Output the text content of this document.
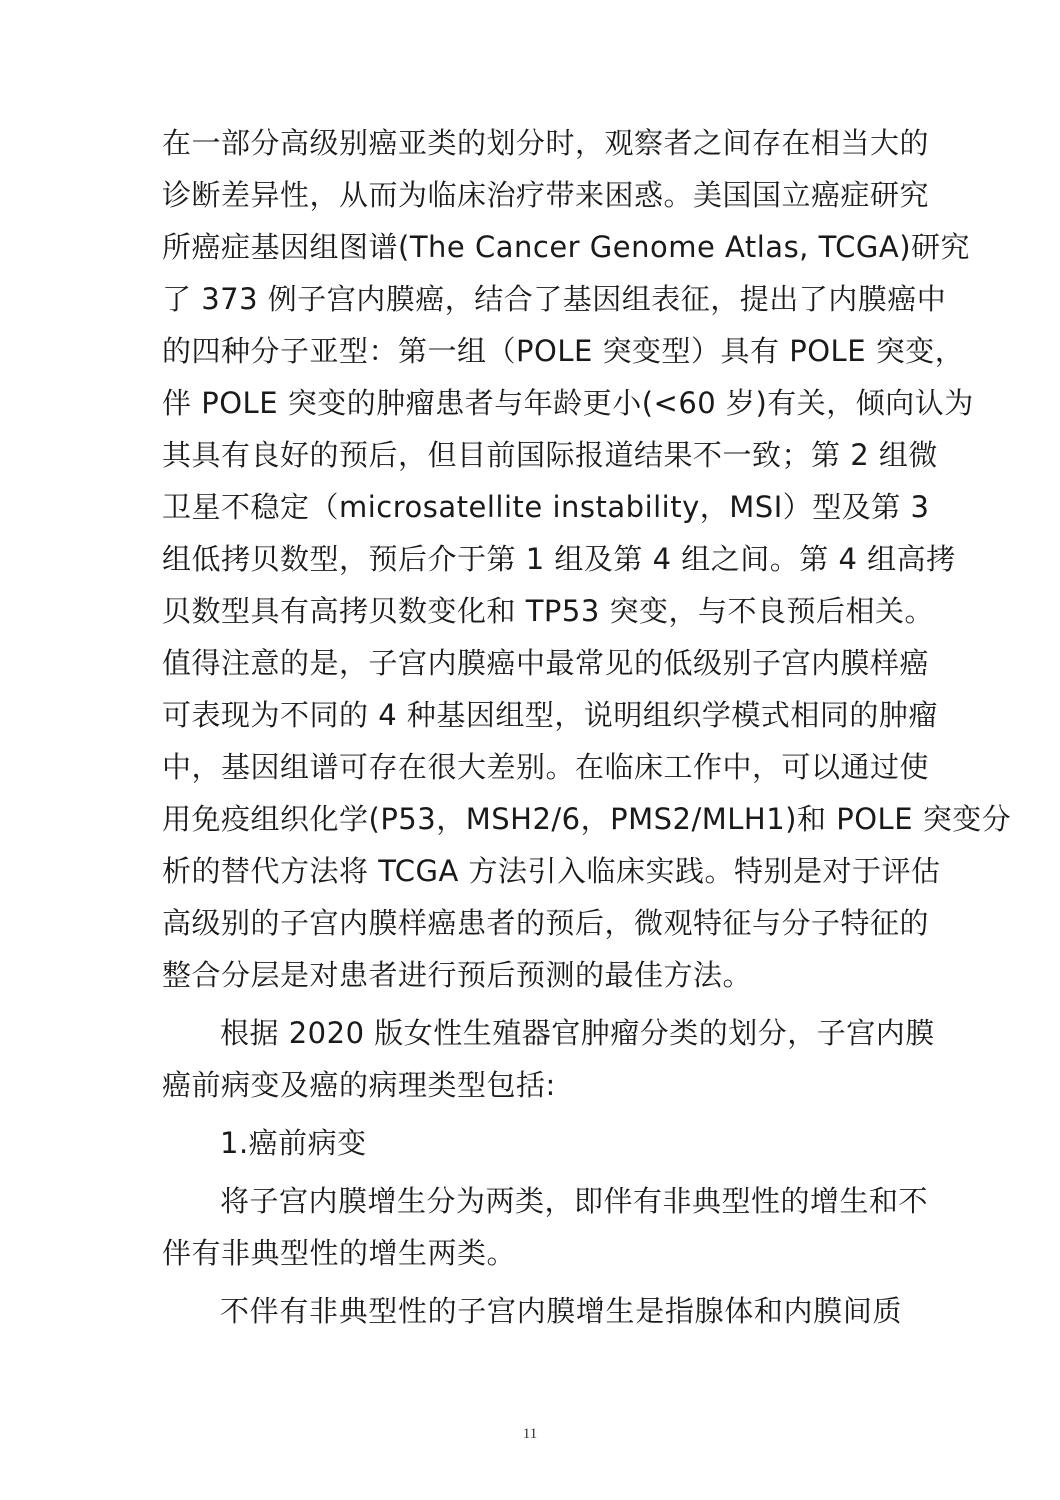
在一部分高级别癌亚类的划分时，观察者之间存在相当大的
诊断差异性，从而为临床治疗带来困惑。美国国立癌症研究
所癌症基因组图谱(The Cancer Genome Atlas, TCGA)研究
了 373 例子宫内膜癌，结合了基因组表征，提出了内膜癌中
的四种分子亚型：第一组（POLE 突变型）具有 POLE 突变，
伴 POLE 突变的肿瘤患者与年龄更小(<60 岁)有关，倾向认为
其具有良好的预后，但目前国际报道结果不一致；第 2 组微
卫星不稳定（microsatellite instability，MSI）型及第 3
组低拷贝数型，预后介于第 1 组及第 4 组之间。第 4 组高拷
贝数型具有高拷贝数变化和 TP53 突变，与不良预后相关。
值得注意的是，子宫内膜癌中最常见的低级别子宫内膜样癌
可表现为不同的 4 种基因组型，说明组织学模式相同的肿瘤
中，基因组谱可存在很大差别。在临床工作中，可以通过使
用免疫组织化学(P53，MSH2/6，PMS2/MLH1)和 POLE 突变分
析的替代方法将 TCGA 方法引入临床实践。特别是对于评估
高级别的子宫内膜样癌患者的预后，微观特征与分子特征的
整合分层是对患者进行预后预测的最佳方法。
根据 2020 版女性生殖器官肿瘤分类的划分，子宫内膜
癌前病变及癌的病理类型包括:
1.癌前病变
将子宫内膜增生分为两类，即伴有非典型性的增生和不
伴有非典型性的增生两类。
不伴有非典型性的子宫内膜增生是指腺体和内膜间质
11
